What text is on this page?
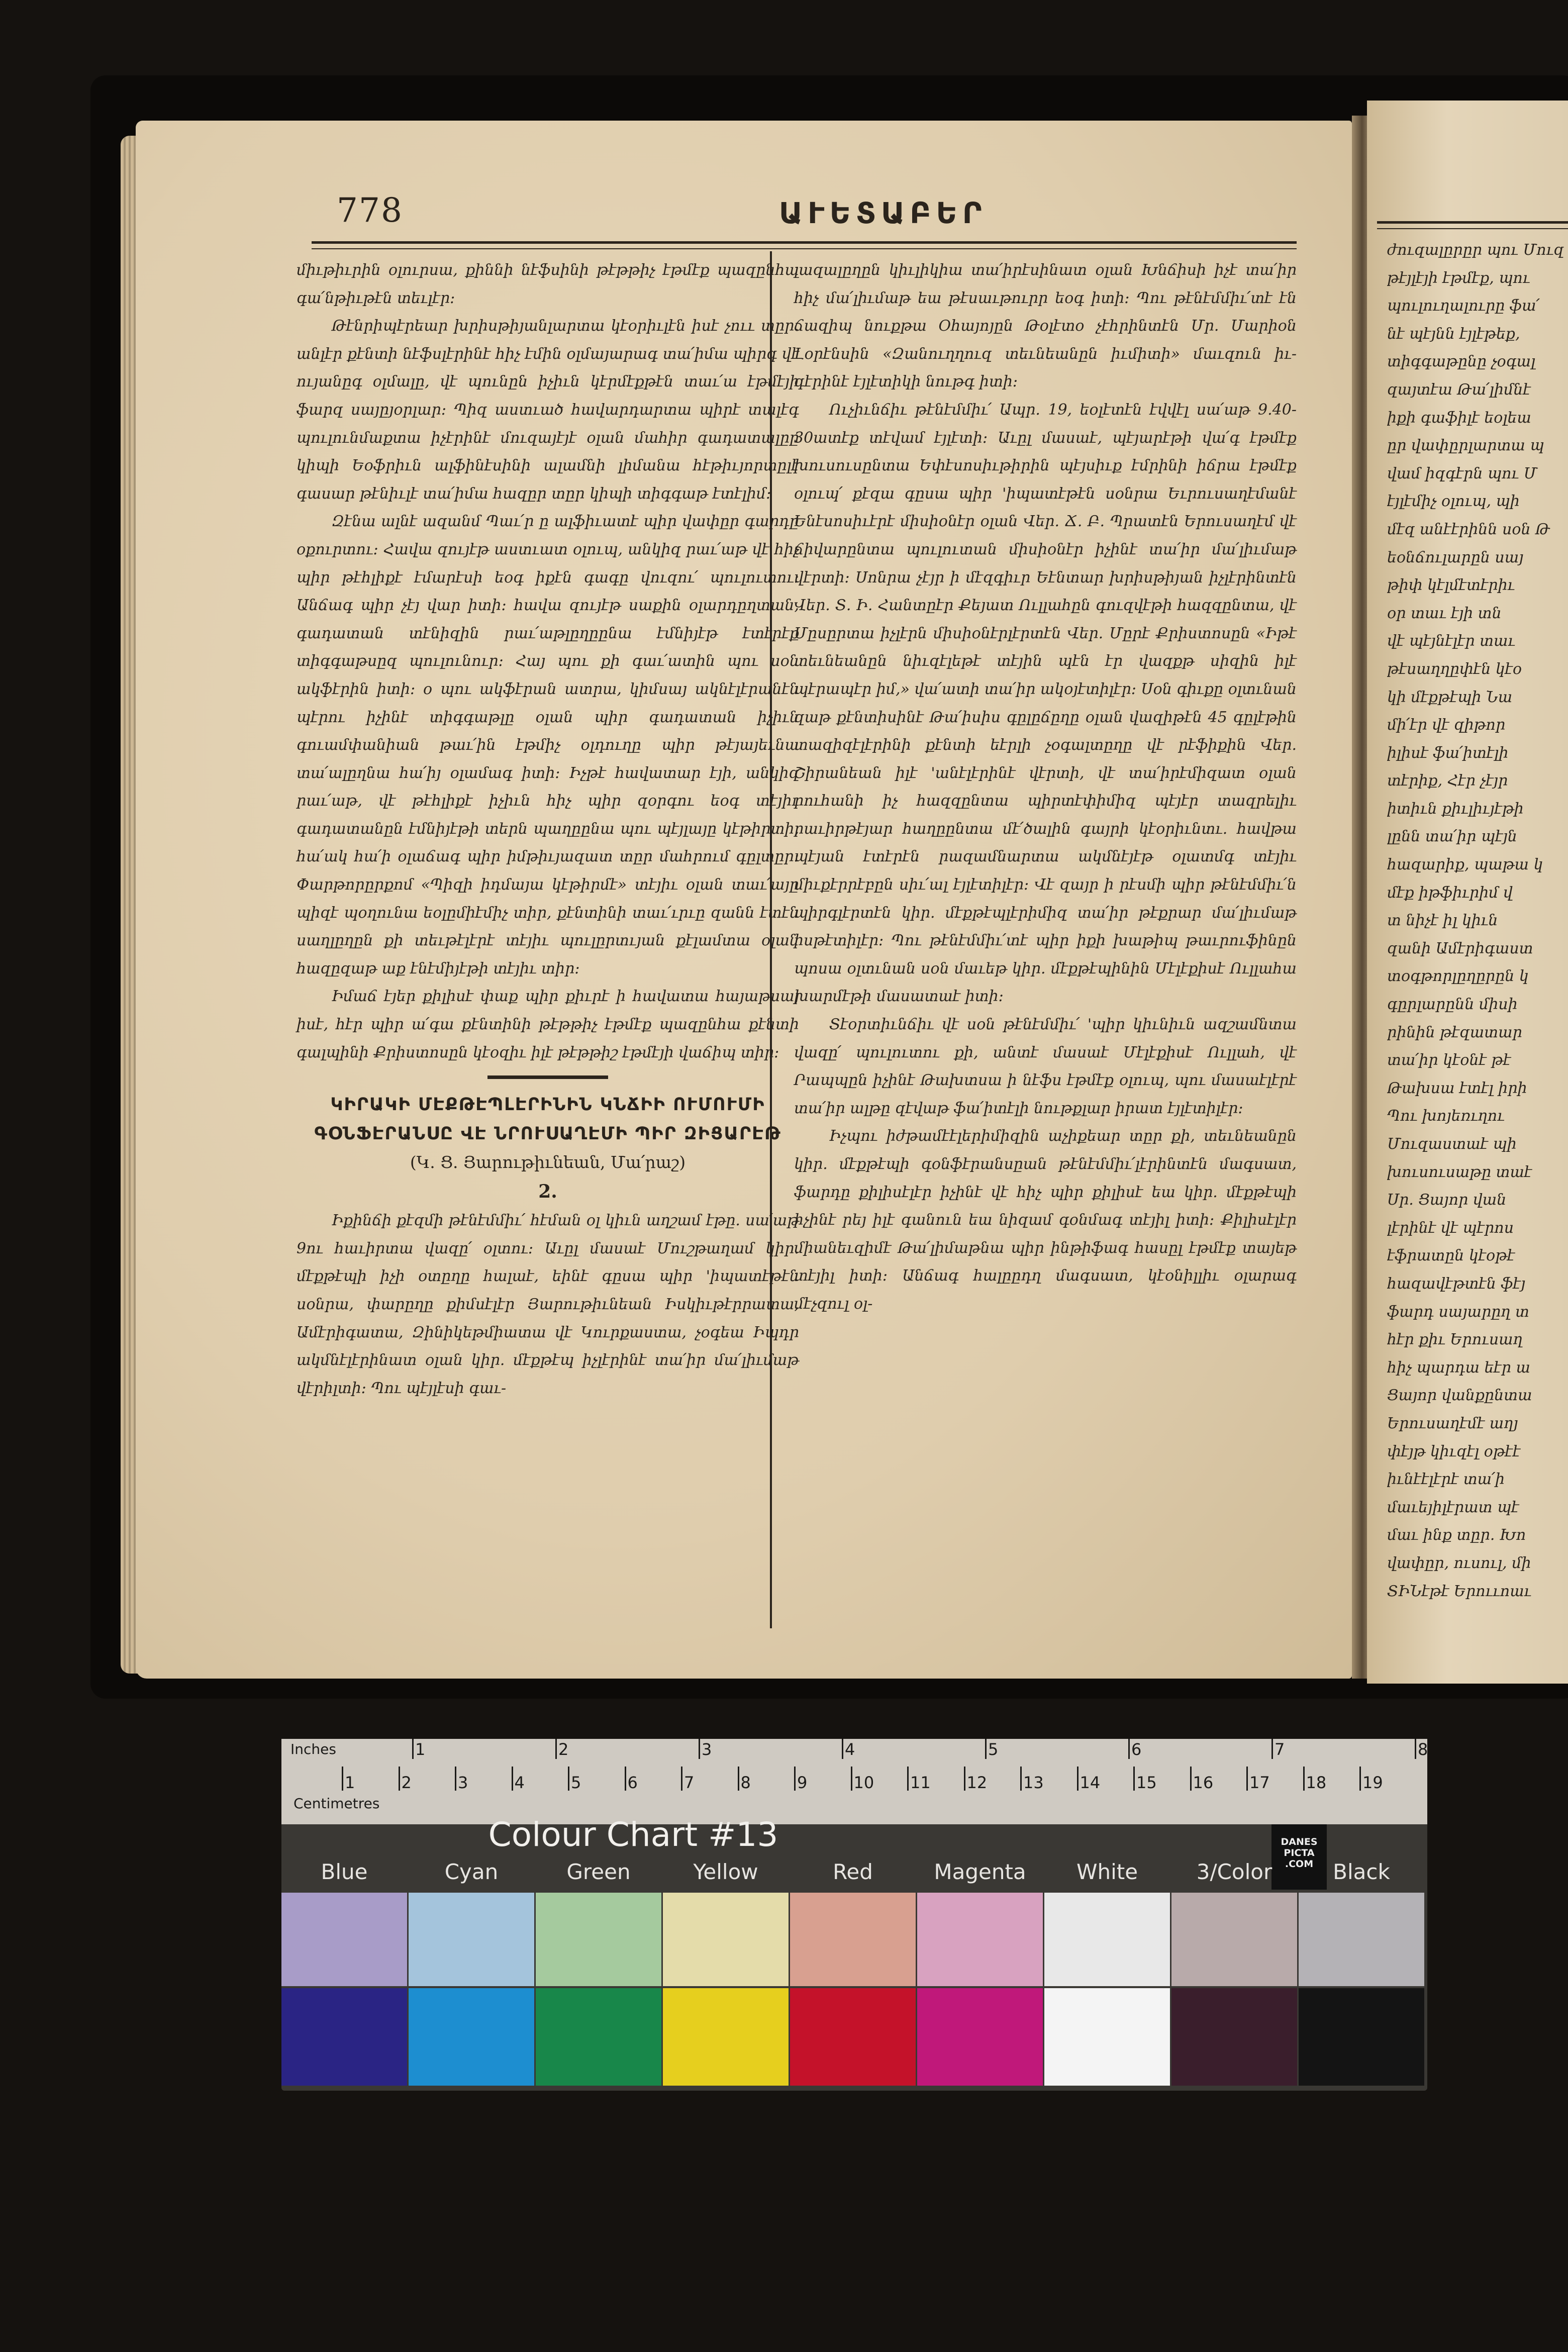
778	ԱՒԵՏԱԲԵՐ

միւթիւրին օլուրսա, քիննի նէֆսինի թէթթիչ էթմէք պազընհա գա՛նթիւթէն տեւլէր։

Թէնրիպէրեար խրիսթիյանլարտա կէօրիւլէն իսէ չոււ տըր. անլէր քէնտի նէֆսլէրինէ հիչ էմին օլմայարագ տա՛իմա պիրգ վէ ույանըգ օլմալը, վէ պունըն իչիւն կէրմէքթէն տաւ՛ա էթմէյի ֆարզ սայըյօրլար։ Պիզ աստւած հավարդարտա պիրէ տալէգ պուլունմաքտա իչէրինէ մուզայէյէ օլան մահիր գադատալըը կիպի Եօֆրիւն ալֆինէսինի ալամնի լիմանա հէթիւյորտըլէ գասար թէնիւլէ տա՛իմա հազըր տըր կիպի տիգգաթ էտէլիմ։

Զէնա ալնէ ազանմ Պաւ՛ր ը ալֆիւատէ պիր վափըր գարդը օքուրտու։ Հավա զույէթ աստւատ օլուպ, անկիզ րաւ՛աթ վէ հիչ պիր թէհլիքէ էմարէսի եօգ իքէն գագը վուզու՛ պուլուտու։ Անճագ պիր չէյ վար իտի։ հավա զույէթ սաքին օլարդըղտան, գադատան տէնիզին րաւ՛աթլըղըընա էմնիյէթ էտէրէք տիգգաթսըզ պուլունուր։ Հայ պու քի գաւ՛ատին պու սօն ակֆէրին իտի։ օ պու ակֆէրան ատրա, կիմսայ ակնէլէրանէն պէրու իչինէ տիգգաթլը օլան պիր գադատան իչիւն գուամփանիան թաւ՛ին էթմիչ օլդուղը պիր թէյայեւնա տա՛ալըղնա հա՛իյ օլամագ իտի։ Իչթէ հավատար էյի, անկիզ րաւ՛աթ, վէ թէհլիքէ իչիւն հիչ պիր զօրգու եօգ տէյիւ գադատանըն էմնիյէթի տերն պաղըընա պու պէյլայը կէթիրտի, հա՛ակ հա՛ի օլաճագ պիր իմթիւյազատ տըր մահրում գըլտըր։ Փարթորըրքոմ «Պիզի իդմայա կէթիրմէ» տէյիւ օլան տաւ՛այը պիզէ պօղունա եօլըմիէմիչ տիր, քէնտինի տաւ՛ւրւը զանն էտէն սաղլըղըն քի տեւթէլէրէ տէյիւ պուլըրտւյան քէլամտա օլան հազըզաթ աք էնէմիյէթի տէյիւ տիր։

Իմաճ էյեր քիլիսէ փաք պիր քիւրէ ի հավատա հայաթսայ իսէ, հէր պիր ա՛գա քէնտինի թէթթիչ էթմէք պազընհա քէնտի գալպինի Քրիստոսըն կէօզիւ իլէ թէթթիշ էթմէյի վաճիպ տիր։

ԿԻՐԱԿԻ ՄԷՔԹԷՊԼԷՐԻՆԻՆ ԿՆՃԻԻ ՈՒՄՈՒՄԻ
ԳՕՆՖԷՐԱՆՍԸ ՎԷ ՆՐՈՒՍԱՂԷՄԻ ՊԻՐ ԶԻՑԱՐԷԹ
(Կ. Ց. Յարութիւնեան, Մա՛րաշ)
2.

Իքինճի քէզմի թէնէմմիւ՛ հէման օլ կիւն աղշամ էթը. սա՛աթ 9ու հաւիրտա վազը՛ օլտու։ Աւըլ մասաէ Մուշթաղամ կիր. մէքթէպի իչի օտըղը հալաէ, եինէ գըսա պիր 'իպատէթէն սօնրա, փարըղը քիմսէլէր Յարութիւնեան Իսկիւթէրրատա, Ամէրիգատա, Զինիկեթմիատա վէ Կուրքաստա, չօգեա Իպդր ակմնէլէրինատ օլան կիր. մէքթէպ իչլէրինէ տա՛իր մա՛լիւմաթ վէրիլտի։ Պու պէյլէսի գաւ-

լազալըղըն կիւլիկիա տա՛իրէսինատ օլան Խնճիսի իչէ տա՛իր հիչ մա՛լիւմաթ եա թէսաւթուրր եօգ իտի։ Պու թէնէմմիւ՛տէ էն ճազիպ նուքթա Օհայոյըն Թօլէտօ չէհրինտէն Մր. Մարիօն Լօրէնսին «Զանուղղուզ տեւնեանըն իւմիտի» մաւզուն իւ- գէրինէ էյլէտիկի նութգ իտի։

Ուչիւնճիւ թէնէմմիւ՛ Ապր. 19, եօլէտէն էվվէլ սա՛աթ 9.40-30ատէք տէվամ էյլէտի։ Աւըլ մասաէ, պէյարէթի վա՛գ էթմէք խուսուսընտա Եփէսոսիւթիրին պէյսիւք էմրինի իճրա էթմէք օլուպ՛ քէզա գըսա պիր 'իպատէթէն սօնրա Եւրուսաղէմանէ Ենէսոսիւէրէ միսիօնէր օլան Վեր. Ճ. Բ. Պրատէն Երուսաղէմ վէ ճիվարընտա պուլուտան միսիօնէր իչինէ տա՛իր մա՛լիւմաթ վէրտի։ Սոնրա չէյր ի մէզգիւր Եէնտար խրիսթիյան իչլէրինտէն Վեր. Տ. Ի. Հանտըէր Քեյատ Ուլլահըն գուզվէթի հազզընտա, վէ Մըսըրտա իչլէրն միսիօնէրլէրտէն Վեր. Մըրէ Քրիստոսըն «Իթէ տեւնեանըն նիւզէլեթէ տէյին պէն էր վազքթ սիզին իլէ պէրապէր իմ,» վա՛ատի տա՛իր ակօյէտիլէր։ Սօն գիւքը օլտւնան զաթ քէնտիսինէ Թա՛իսիս գըլըճըղը օլան վազիթէն 45 գըլէթին տազիզէլէրինի քէնտի եէրլի չօգալտըղը վէ րէֆիքին Վեր. Շիրանեան իլէ 'անէլէրինէ վէրտի, վէ տա՛իրէմիզատ օլան րուհանի իչ հազզընտա պիրտէփիմիզ պէյէր տազրելիւ րաւիրթէյար հաղըընտա մէ՛ծալին գայրի կէօրիւնտւ. հավթա պէյան էտէրէն րազամնարտա ակմնէյէթ օլատմգ տէյիւ միւքէրրէբըն սիւ՛ալ էյլէտիլէր։ Վէ զայր ի րէսմի պիր թէնէմմիւ՛ն պիրգլէրտէն կիր. մէքթէպլէրիմիզ տա՛իր թէքրար մա՛լիւմաթ իսթէտիլէր։ Պու թէնէմմիւ՛տէ պիր իքի խաթիպ թաւրուֆինըն պոսա օլտւնան սօն մաւեթ կիր. մէքթէպինին Մէլէքիսէ Ուլլահա խարմէթի մասատաէ իտի։

Տէօրտիւնճիւ վէ սօն թէնէմմիւ՛ 'պիր կիւնիւն ազշամնտա վազը՛ պուլուտու քի, անտէ մասաէ Մէլէքիսէ Ուլլահ, վէ Րապպըն իչինէ Թախտսա ի նէֆս էթմէք օլուպ, պու մասաէլէրէ տա՛իր ալթը զէվաթ ֆա՛իտէլի նութքլար իրատ էյլէտիլէր։

Իչպու իժթամէէլերիմիզին աչիքեար տըր քի, տեւնեանըն կիր. մէքթէպի գօնֆէրանսըան թէնէմմիւ՛լէրինտէն մագսատ, ֆարդը քիլիսէլէր իչինէ վէ հիչ պիր քիլիսէ եա կիր. մէքթէպի իչինէ րեյ իլէ գանուն եա նիզամ գօնմագ տէյիլ իտի։ Քիլիսէլէր միանեւզիմէ Թա՛լիմաթնա պիր ինթիֆագ հասըլ էթմէք տայեթ տէյիլ իտի։ Անճագ հալըըդղ մագսատ, կէօնիլլիւ օլարագ մէչզուլ օլ-

ժուզալըրըր պու Մուզ
թէյլէյի էթմէք, պու
պուլուղալուրը ֆա՛
նէ պէյնն էյլէթեք,
տիգգաթընը չօգալ
զայտէա Թա՛լիմնէ
իքի գաֆիլէ եօլեա
ըր վափըրլարտա պ
վամ իզգէրն պու Մ
էյլէմիչ օլուպ, պի
մէզ անէէրինն սօն Թ
եօնճուլարըն սայ
թիփ կէլմէտէրիւ
օր տաւ էյի տն
վէ պէյնէլէր տաւ
թէսաղղըփէն կէօ
կի մէքթէպի Նա
մի՛էր վէ զիթոր
իլիսէ ֆա՛իտէլի
տէրիք, Հէր չէյր
իտիւն քիւլիւյէթի
լընն տա՛իր պէյն
հազարիք, պաթա կ
մէք իթֆիւրիմ վ
տ նիչէ իլ կիւն
զանի Ամէրիգաստ
տօգթորլըղըրըն կ
գըրլարընն միսի
րինին թէզատար
տա՛իր կէօնէ թէ
Թախսա էտէլ իրի
Պու խոյեռւղու
Մուզաստաէ պի
խուսուսաթը տաէ
Սր. Ցայոր վան
լէրինէ վէ պէրոս
էֆրատըն կէօթէ
հազավէթտէն ֆէյ
ֆարդ սայարըղ տ
հէր քիւ Երուսաղ
հիչ պարդա եէր ա
Ցայոր վանքընտա
Երուսաղէմէ աղյ
փէյթ կիւզէլ օթէէ
իւնէէլէրէ տա՛ի
մաւեյիլէրատ պէ
մաւ ինք տըր. Խո
վափըր, ուսուլ, մի
ՏԻՆէթէ Երոււոաւ
Inches
Centimetres
1	2	3	4	5	6	7	8
1	2	3	4	5	6	7	8	9	10 11 12 13 14 15 16 17 18 19
Colour Chart #13	DANES
PICTA
.COM
Blue	Cyan	Green	Yellow	Red	Magenta	White	3/Color	Black
